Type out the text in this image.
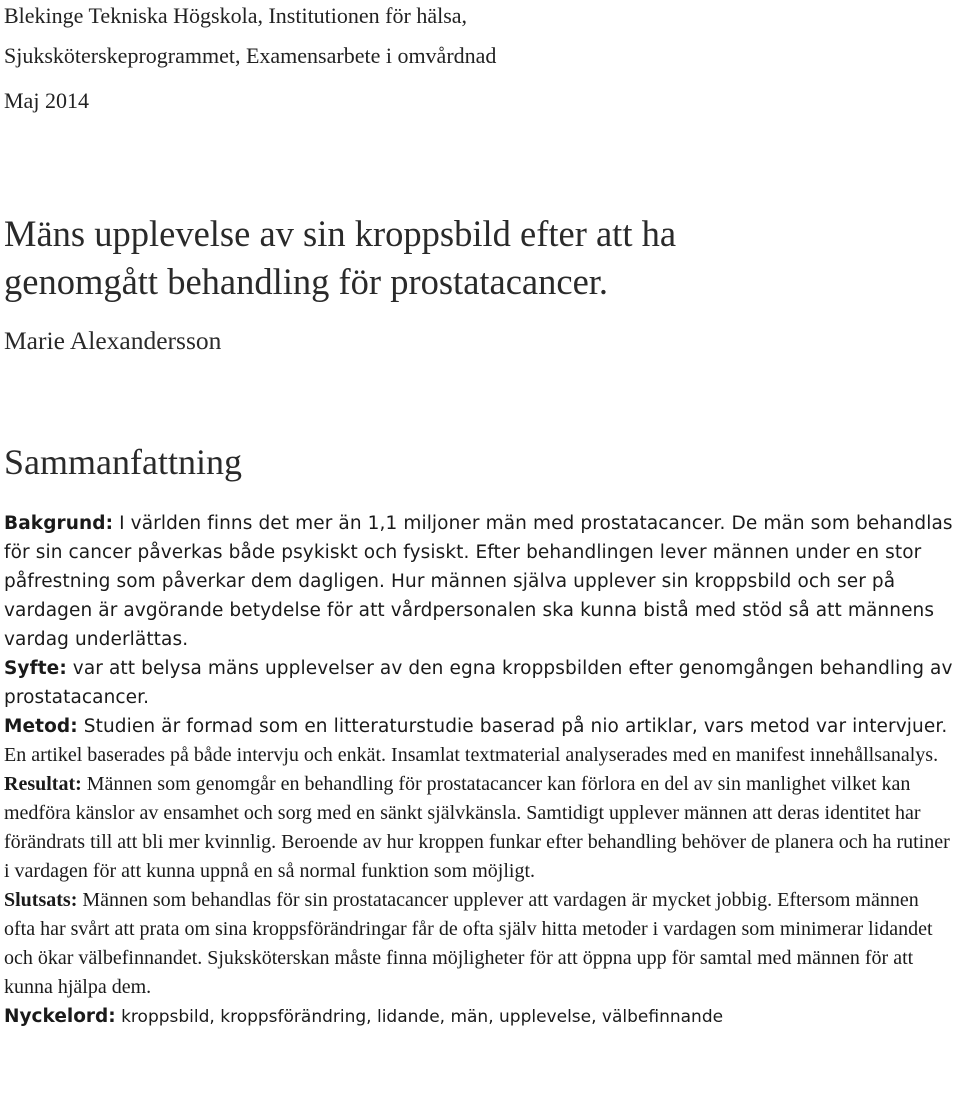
Blekinge Tekniska Högskola, Institutionen för hälsa,
Sjuksköterskeprogrammet, Examensarbete i omvårdnad
Maj 2014
Mäns upplevelse av sin kroppsbild efter att ha
genomgått behandling för prostatacancer.
Marie Alexandersson
Sammanfattning

Bakgrund: I världen finns det mer än 1,1 miljoner män med prostatacancer. De män som behandlas för sin cancer påverkas både psykiskt och fysiskt. Efter behandlingen lever männen under en stor påfrestning som påverkar dem dagligen. Hur männen själva upplever sin kroppsbild och ser på vardagen är avgörande betydelse för att vårdpersonalen ska kunna bistå med stöd så att männens vardag underlättas.

Syfte: var att belysa mäns upplevelser av den egna kroppsbilden efter genomgången behandling av prostatacancer.

Metod: Studien är formad som en litteraturstudie baserad på nio artiklar, vars metod var intervjuer. En artikel baserades på både intervju och enkät. Insamlat textmaterial analyserades med en manifest innehållsanalys.

Resultat: Männen som genomgår en behandling för prostatacancer kan förlora en del av sin manlighet vilket kan medföra känslor av ensamhet och sorg med en sänkt självkänsla. Samtidigt upplever männen att deras identitet har förändrats till att bli mer kvinnlig. Beroende av hur kroppen funkar efter behandling behöver de planera och ha rutiner i vardagen för att kunna uppnå en så normal funktion som möjligt.

Slutsats: Männen som behandlas för sin prostatacancer upplever att vardagen är mycket jobbig. Eftersom männen ofta har svårt att prata om sina kroppsförändringar får de ofta själv hitta metoder i vardagen som minimerar lidandet och ökar välbefinnandet. Sjuksköterskan måste finna möjligheter för att öppna upp för samtal med männen för att kunna hjälpa dem.

Nyckelord: kroppsbild, kroppsförändring, lidande, män, upplevelse, välbefinnande
